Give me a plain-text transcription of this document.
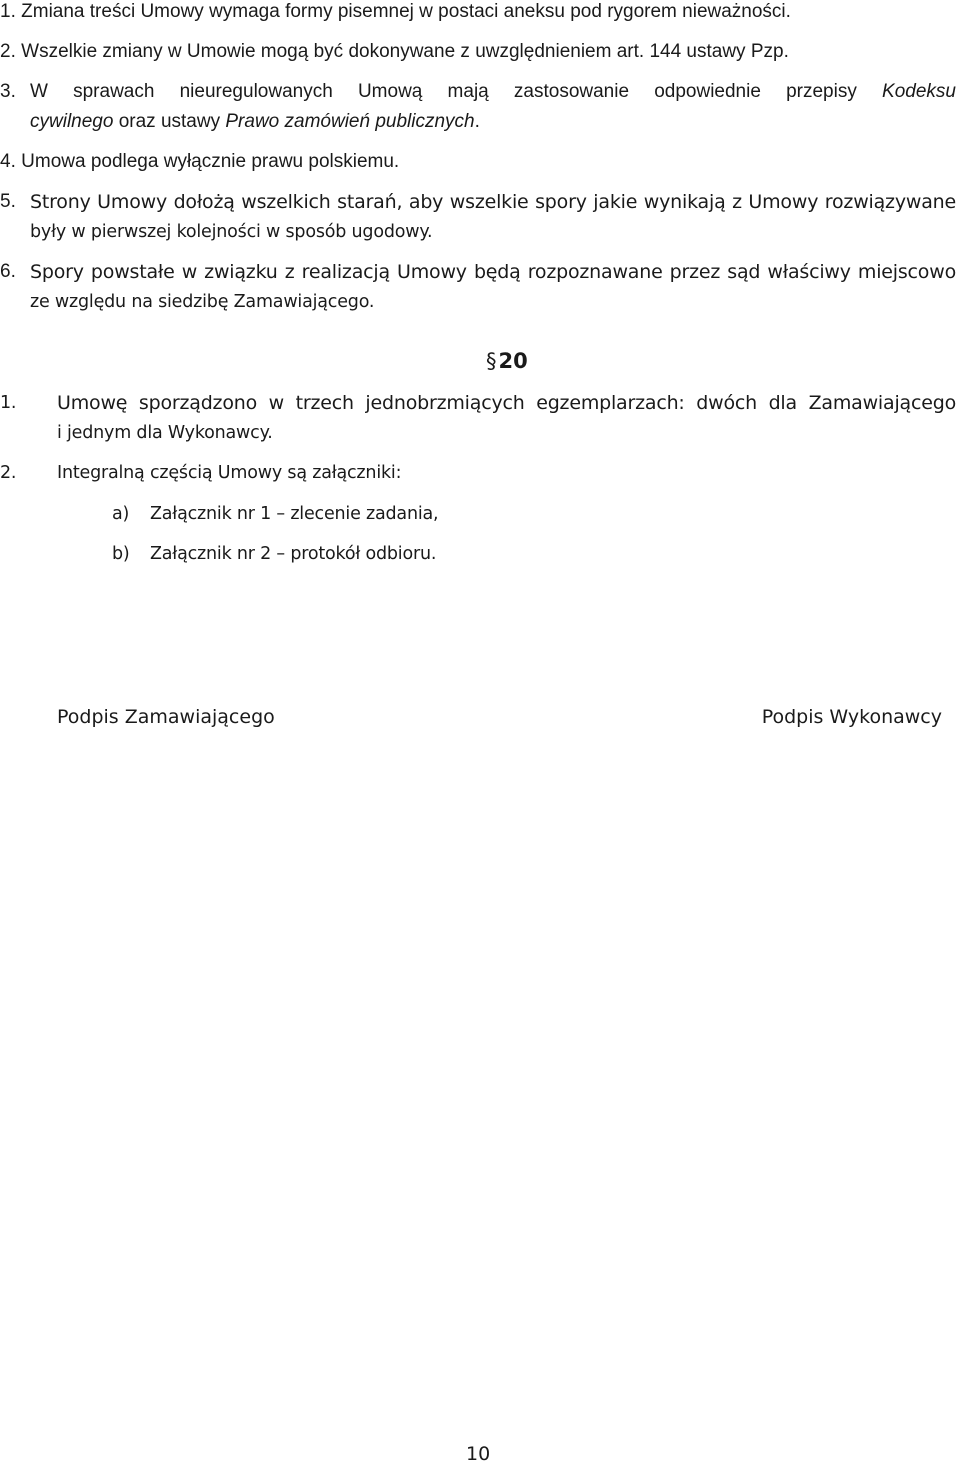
1. Zmiana treści Umowy wymaga formy pisemnej w postaci aneksu pod rygorem nieważności.
2. Wszelkie zmiany w Umowie mogą być dokonywane z uwzględnieniem art. 144 ustawy Pzp.
3. W sprawach nieuregulowanych Umową mają zastosowanie odpowiednie przepisy Kodeksu
cywilnego oraz ustawy Prawo zamówień publicznych.
4. Umowa podlega wyłącznie prawu polskiemu.
5. Strony Umowy dołożą wszelkich starań, aby wszelkie spory jakie wynikają z Umowy rozwiązywane
były w pierwszej kolejności w sposób ugodowy.
6. Spory powstałe w związku z realizacją Umowy będą rozpoznawane przez sąd właściwy miejscowo
ze względu na siedzibę Zamawiającego.
§20
1. Umowę sporządzono w trzech jednobrzmiących egzemplarzach: dwóch dla Zamawiającego
i jednym dla Wykonawcy.
2. Integralną częścią Umowy są załączniki:
a) Załącznik nr 1 – zlecenie zadania,
b) Załącznik nr 2 – protokół odbioru.
Podpis Zamawiającego	Podpis Wykonawcy
10
